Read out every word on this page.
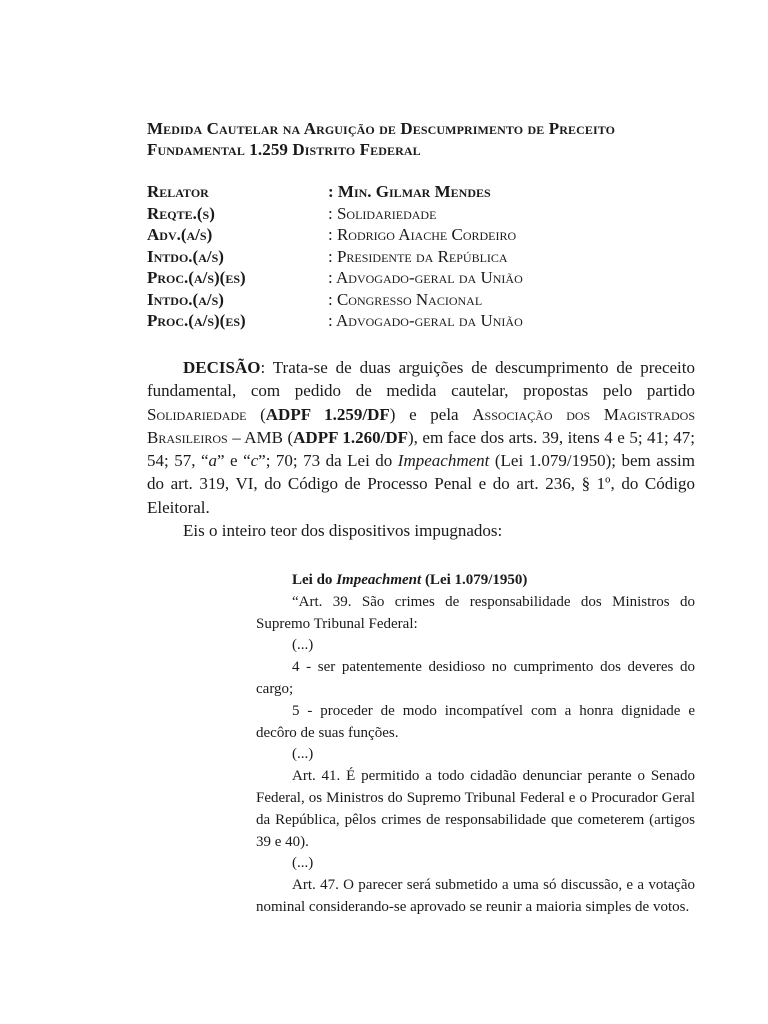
Medida Cautelar na Arguição de Descumprimento de Preceito
Fundamental 1.259 Distrito Federal
Relator	: Min. Gilmar Mendes
Reqte.(s)	: Solidariedade
Adv.(a/s)	: Rodrigo Aiache Cordeiro
Intdo.(a/s)	: Presidente da República
Proc.(a/s)(es)	: Advogado-geral da União
Intdo.(a/s)	: Congresso Nacional
Proc.(a/s)(es)	: Advogado-geral da União

DECISÃO: Trata-se de duas arguições de descumprimento de preceito fundamental, com pedido de medida cautelar, propostas pelo partido Solidariedade (ADPF 1.259/DF) e pela Associação dos Magistrados Brasileiros – AMB (ADPF 1.260/DF), em face dos arts. 39, itens 4 e 5; 41; 47; 54; 57, “a” e “c”; 70; 73 da Lei do Impeachment (Lei 1.079/1950); bem assim do art. 319, VI, do Código de Processo Penal e do art. 236, § 1º, do Código Eleitoral.

Eis o inteiro teor dos dispositivos impugnados:

Lei do Impeachment (Lei 1.079/1950)

“Art. 39. São crimes de responsabilidade dos Ministros do Supremo Tribunal Federal:

(...)

4 - ser patentemente desidioso no cumprimento dos deveres do cargo;

5 - proceder de modo incompatível com a honra dignidade e decôro de suas funções.

(...)

Art. 41. É permitido a todo cidadão denunciar perante o Senado Federal, os Ministros do Supremo Tribunal Federal e o Procurador Geral da República, pêlos crimes de responsabilidade que cometerem (artigos 39 e 40).

(...)

Art. 47. O parecer será submetido a uma só discussão, e a votação nominal considerando-se aprovado se reunir a maioria simples de votos.
